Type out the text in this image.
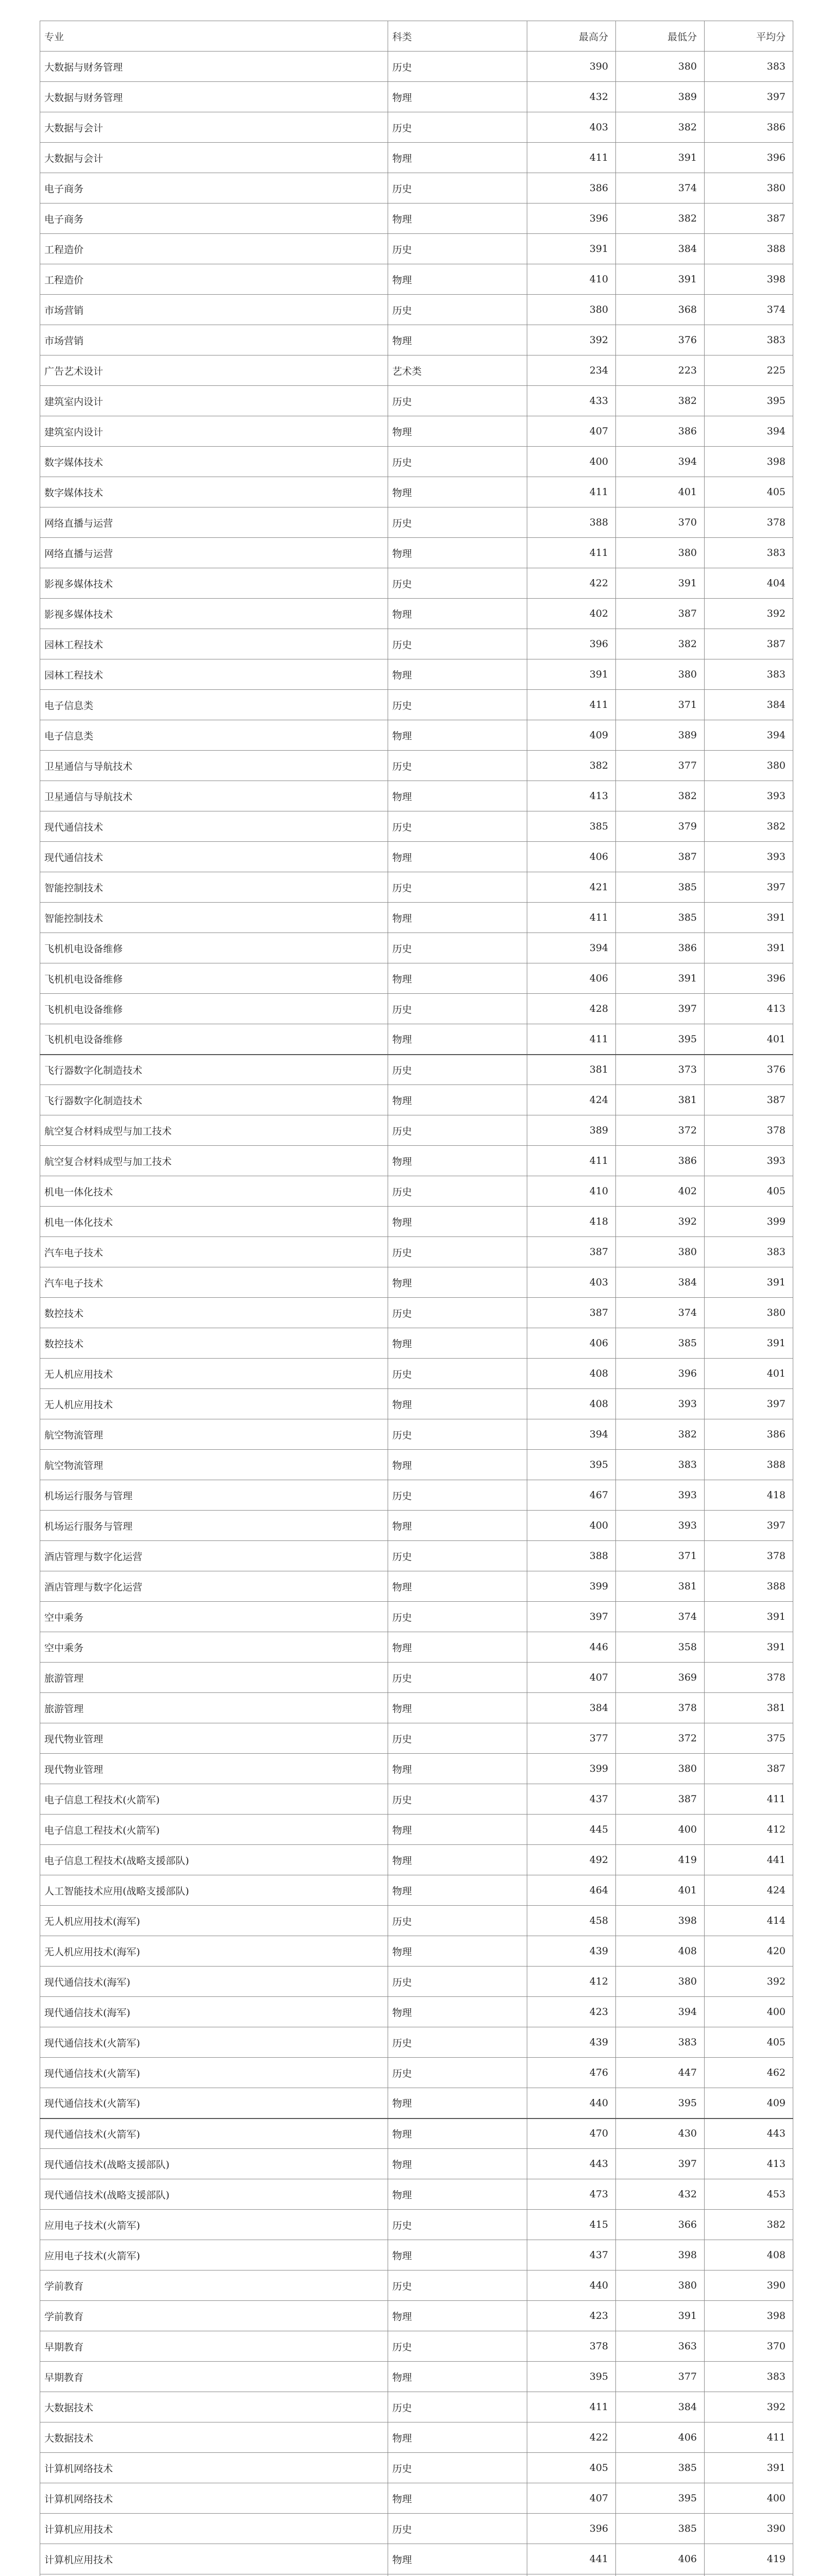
专业	科类	最高分	最低分	平均分
大数据与财务管理	历史	390	380	383
大数据与财务管理	物理	432	389	397
大数据与会计	历史	403	382	386
大数据与会计	物理	411	391	396
电子商务	历史	386	374	380
电子商务	物理	396	382	387
工程造价	历史	391	384	388
工程造价	物理	410	391	398
市场营销	历史	380	368	374
市场营销	物理	392	376	383
广告艺术设计	艺术类	234	223	225
建筑室内设计	历史	433	382	395
建筑室内设计	物理	407	386	394
数字媒体技术	历史	400	394	398
数字媒体技术	物理	411	401	405
网络直播与运营	历史	388	370	378
网络直播与运营	物理	411	380	383
影视多媒体技术	历史	422	391	404
影视多媒体技术	物理	402	387	392
园林工程技术	历史	396	382	387
园林工程技术	物理	391	380	383
电子信息类	历史	411	371	384
电子信息类	物理	409	389	394
卫星通信与导航技术	历史	382	377	380
卫星通信与导航技术	物理	413	382	393
现代通信技术	历史	385	379	382
现代通信技术	物理	406	387	393
智能控制技术	历史	421	385	397
智能控制技术	物理	411	385	391
飞机机电设备维修	历史	394	386	391
飞机机电设备维修	物理	406	391	396
飞机机电设备维修	历史	428	397	413
飞机机电设备维修	物理	411	395	401
飞行器数字化制造技术	历史	381	373	376
飞行器数字化制造技术	物理	424	381	387
航空复合材料成型与加工技术	历史	389	372	378
航空复合材料成型与加工技术	物理	411	386	393
机电一体化技术	历史	410	402	405
机电一体化技术	物理	418	392	399
汽车电子技术	历史	387	380	383
汽车电子技术	物理	403	384	391
数控技术	历史	387	374	380
数控技术	物理	406	385	391
无人机应用技术	历史	408	396	401
无人机应用技术	物理	408	393	397
航空物流管理	历史	394	382	386
航空物流管理	物理	395	383	388
机场运行服务与管理	历史	467	393	418
机场运行服务与管理	物理	400	393	397
酒店管理与数字化运营	历史	388	371	378
酒店管理与数字化运营	物理	399	381	388
空中乘务	历史	397	374	391
空中乘务	物理	446	358	391
旅游管理	历史	407	369	378
旅游管理	物理	384	378	381
现代物业管理	历史	377	372	375
现代物业管理	物理	399	380	387
电子信息工程技术(火箭军)	历史	437	387	411
电子信息工程技术(火箭军)	物理	445	400	412
电子信息工程技术(战略支援部队)	物理	492	419	441
人工智能技术应用(战略支援部队)	物理	464	401	424
无人机应用技术(海军)	历史	458	398	414
无人机应用技术(海军)	物理	439	408	420
现代通信技术(海军)	历史	412	380	392
现代通信技术(海军)	物理	423	394	400
现代通信技术(火箭军)	历史	439	383	405
现代通信技术(火箭军)	历史	476	447	462
现代通信技术(火箭军)	物理	440	395	409
现代通信技术(火箭军)	物理	470	430	443
现代通信技术(战略支援部队)	物理	443	397	413
现代通信技术(战略支援部队)	物理	473	432	453
应用电子技术(火箭军)	历史	415	366	382
应用电子技术(火箭军)	物理	437	398	408
学前教育	历史	440	380	390
学前教育	物理	423	391	398
早期教育	历史	378	363	370
早期教育	物理	395	377	383
大数据技术	历史	411	384	392
大数据技术	物理	422	406	411
计算机网络技术	历史	405	385	391
计算机网络技术	物理	407	395	400
计算机应用技术	历史	396	385	390
计算机应用技术	物理	441	406	419
